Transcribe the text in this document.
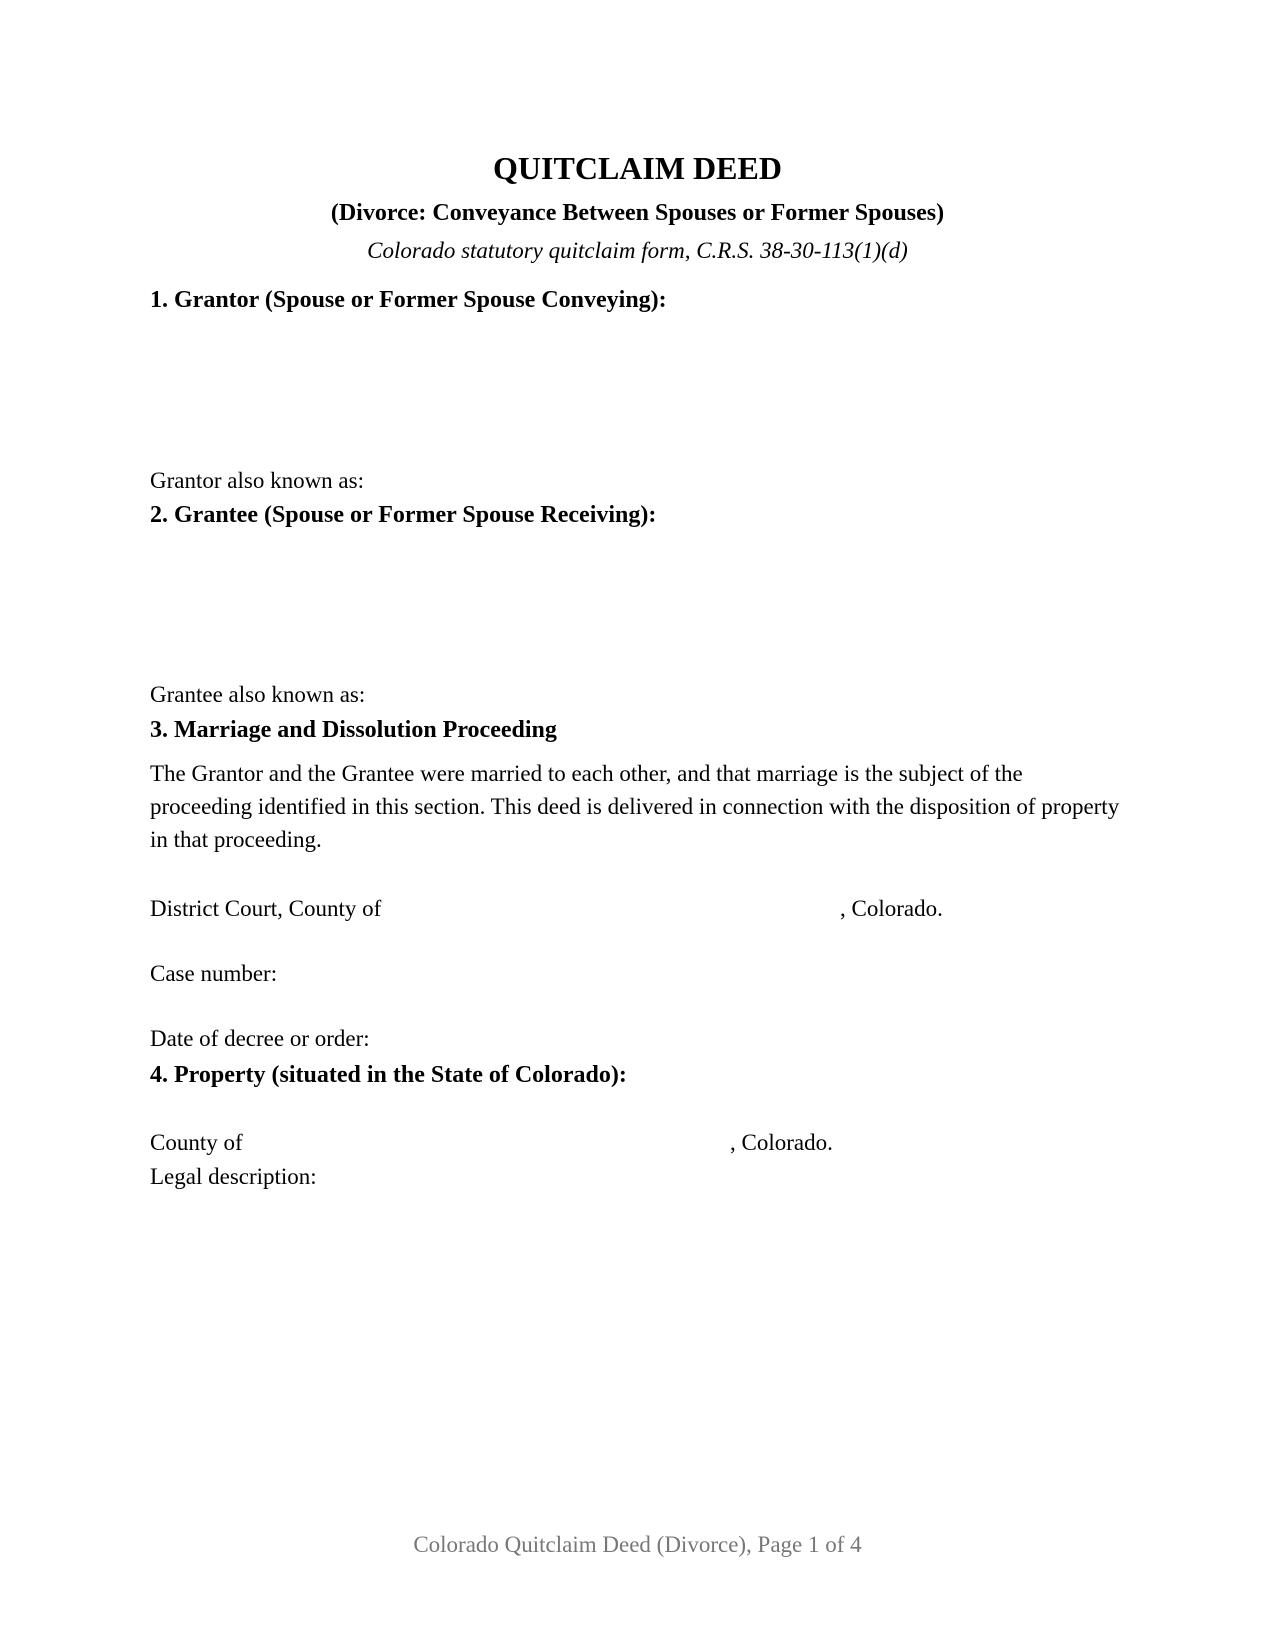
QUITCLAIM DEED
(Divorce: Conveyance Between Spouses or Former Spouses)
Colorado statutory quitclaim form, C.R.S. 38-30-113(1)(d)
1. Grantor (Spouse or Former Spouse Conveying):
Grantor also known as:
2. Grantee (Spouse or Former Spouse Receiving):
Grantee also known as:
3. Marriage and Dissolution Proceeding
The Grantor and the Grantee were married to each other, and that marriage is the subject of the proceeding identified in this section. This deed is delivered in connection with the disposition of property in that proceeding.
District Court, County of	, Colorado.
Case number:
Date of decree or order:
4. Property (situated in the State of Colorado):
County of	, Colorado.
Legal description:
Colorado Quitclaim Deed (Divorce), Page 1 of 4
